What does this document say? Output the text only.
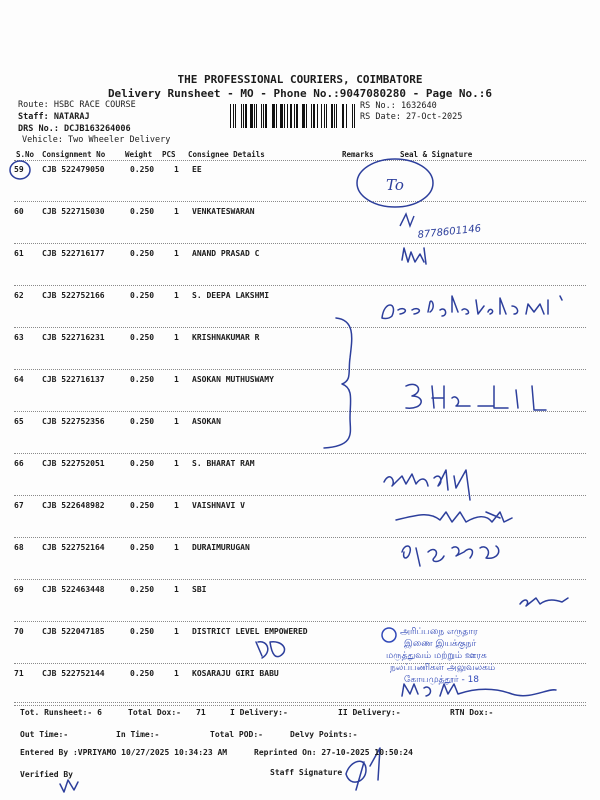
THE PROFESSIONAL COURIERS, COIMBATORE
Delivery Runsheet - MO - Phone No.:9047080280 - Page No.:6
Route: HSBC RACE COURSE
Staff: NATARAJ
DRS No.: DCJB163264006
Vehicle: Two Wheeler Delivery
RS No.: 1632640
RS Date: 27-Oct-2025
S.No Consignment No	Weight PCS Consignee Details	Remarks	Seal & Signature
59 CJB 522479050	0.250 1 EE
60 CJB 522715030	0.250 1 VENKATESWARAN
61 CJB 522716177	0.250 1 ANAND PRASAD C
62 CJB 522752166	0.250 1 S. DEEPA LAKSHMI
63 CJB 522716231	0.250 1 KRISHNAKUMAR R
64 CJB 522716137	0.250 1 ASOKAN MUTHUSWAMY
65 CJB 522752356	0.250 1 ASOKAN
66 CJB 522752051	0.250 1 S. BHARAT RAM
67 CJB 522648982	0.250 1 VAISHNAVI V
68 CJB 522752164	0.250 1 DURAIMURUGAN
69 CJB 522463448	0.250 1 SBI
70 CJB 522047185	0.250 1 DISTRICT LEVEL EMPOWERED
71 CJB 522752144	0.250 1 KOSARAJU GIRI BABU
To
8778601146
அரிப்பநை எருதார
இணை இயக்குநர்
மருத்துவம் மற்றும் ஊரக
நலப்பணிகள் அலுவலகம்
கோயமுத்தூர் - 18
Tot. Runsheet:- 6	Total Dox:- 71	I Delivery:-	II Delivery:-	RTN Dox:-
Out Time:-	In Time:-	Total POD:-	Delvy Points:-
Entered By :VPRIYAMO 10/27/2025 10:34:23 AM	Reprinted On: 27-10-2025 10:50:24
Verified By	Staff Signature
